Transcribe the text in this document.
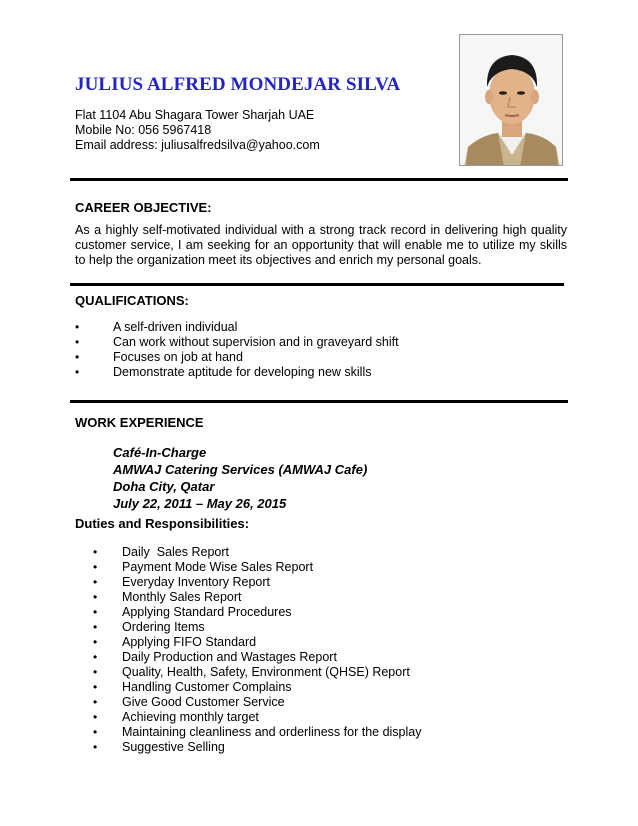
JULIUS ALFRED MONDEJAR SILVA
Flat 1104 Abu Shagara Tower Sharjah UAE
Mobile No: 056 5967418
Email address: juliusalfredsilva@yahoo.com
CAREER OBJECTIVE:
As a highly self-motivated individual with a strong track record in delivering high quality customer service, I am seeking for an opportunity that will enable me to utilize my skills to help the organization meet its objectives and enrich my personal goals.
QUALIFICATIONS:
•	A self-driven individual
•	Can work without supervision and in graveyard shift
•	Focuses on job at hand
•	Demonstrate aptitude for developing new skills
WORK EXPERIENCE
Café-In-Charge
AMWAJ Catering Services (AMWAJ Cafe)
Doha City, Qatar
July 22, 2011 – May 26, 2015
Duties and Responsibilities:
• Daily  Sales Report
• Payment Mode Wise Sales Report
• Everyday Inventory Report
• Monthly Sales Report
• Applying Standard Procedures
• Ordering Items
• Applying FIFO Standard
• Daily Production and Wastages Report
• Quality, Health, Safety, Environment (QHSE) Report
• Handling Customer Complains
• Give Good Customer Service
• Achieving monthly target
• Maintaining cleanliness and orderliness for the display
• Suggestive Selling
